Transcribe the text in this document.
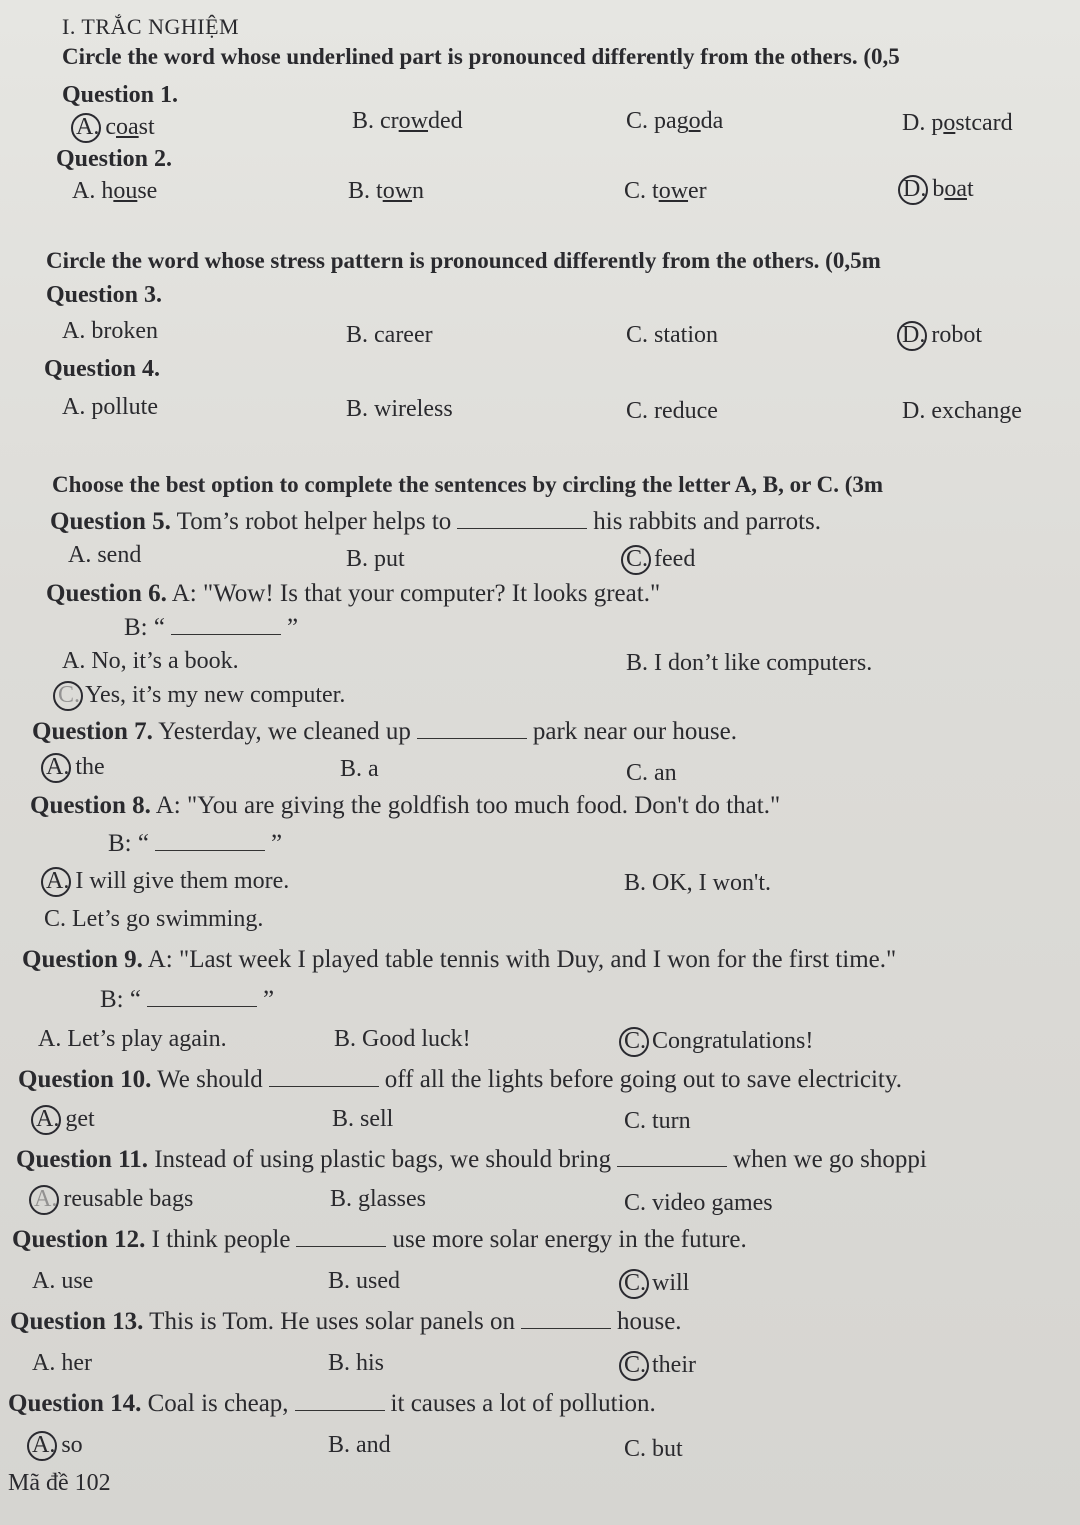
I. TRẮC NGHIỆM
Circle the word whose underlined part is pronounced differently from the others. (0,5
Question 1.
A. coast	B. crowded	C. pagoda	D. postcard
Question 2.
A. house	B. town	C. tower	D. boat
Circle the word whose stress pattern is pronounced differently from the others. (0,5m
Question 3.
A. broken	B. career	C. station	D. robot
Question 4.
A. pollute	B. wireless	C. reduce	D. exchange
Choose the best option to complete the sentences by circling the letter A, B, or C. (3m
Question 5. Tom’s robot helper helps to	his rabbits and parrots.
A. send	B. put	C. feed
Question 6. A: "Wow! Is that your computer? It looks great."
B: “	”
A. No, it’s a book.	B. I don’t like computers.
C. Yes, it’s my new computer.
Question 7. Yesterday, we cleaned up	park near our house.
A. the	B. a	C. an
Question 8. A: "You are giving the goldfish too much food. Don't do that."
B: “	”
A. I will give them more.	B. OK, I won't.
C. Let’s go swimming.
Question 9. A: "Last week I played table tennis with Duy, and I won for the first time."
B: “	”
A. Let’s play again.	B. Good luck!	C. Congratulations!
Question 10. We should	off all the lights before going out to save electricity.
A. get	B. sell	C. turn
Question 11. Instead of using plastic bags, we should bring	when we go shoppi
A. reusable bags	B. glasses	C. video games
Question 12. I think people	use more solar energy in the future.
A. use	B. used	C. will
Question 13. This is Tom. He uses solar panels on	house.
A. her	B. his	C. their
Question 14. Coal is cheap,	it causes a lot of pollution.
A. so	B. and	C. but
Mã đề 102
